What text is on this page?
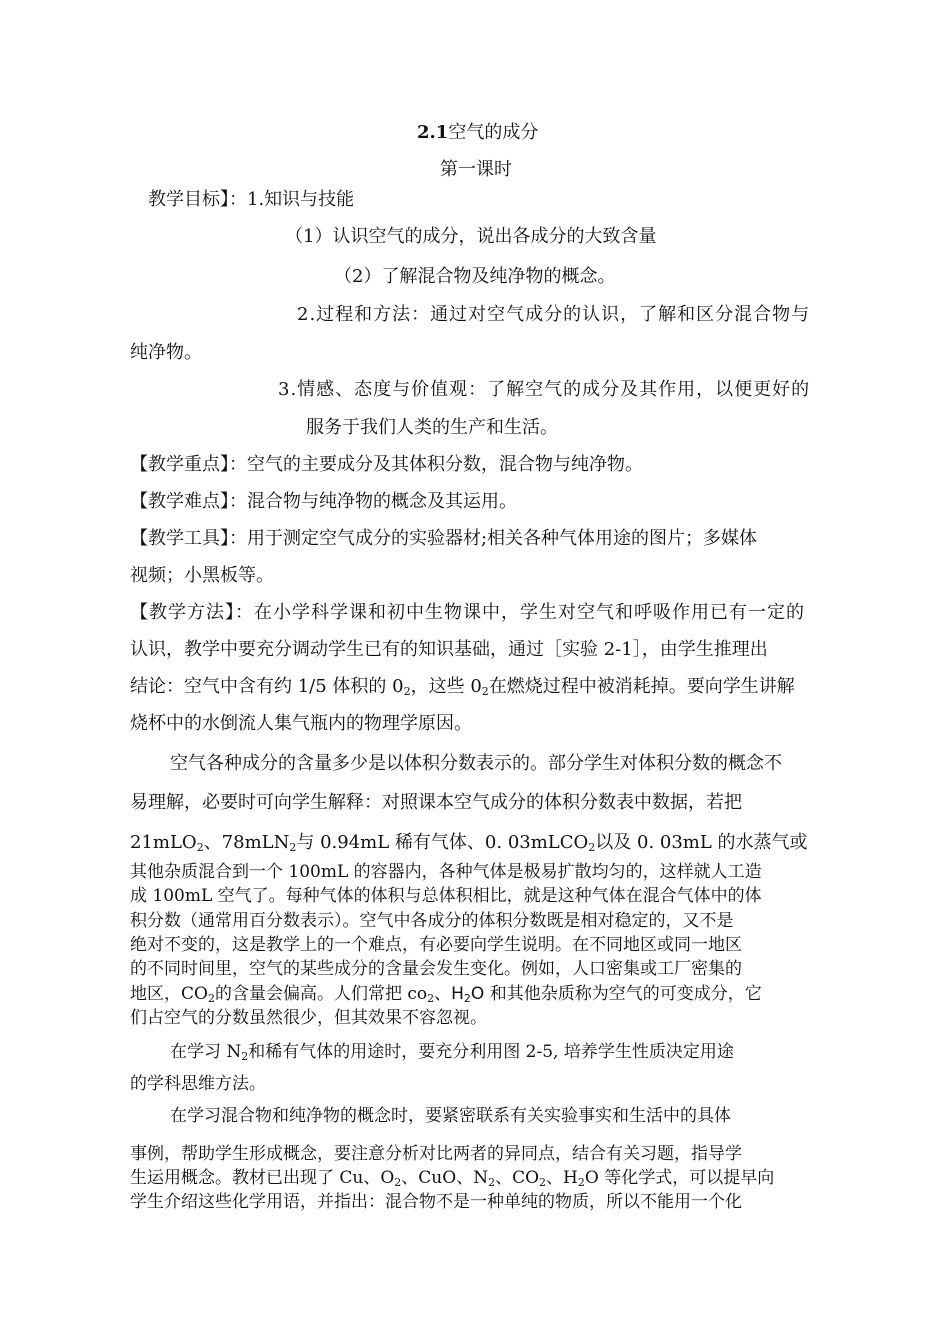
2.1空气的成分
第一课时
教学目标】：1.知识与技能
（1）认识空气的成分，说出各成分的大致含量
（2）了解混合物及纯净物的概念。
2.过程和方法：通过对空气成分的认识，了解和区分混合物与
纯净物。
3.情感、态度与价值观：了解空气的成分及其作用，以便更好的
服务于我们人类的生产和生活。
【教学重点】：空气的主要成分及其体积分数，混合物与纯净物。
【教学难点】：混合物与纯净物的概念及其运用。
【教学工具】：用于测定空气成分的实验器材;相关各种气体用途的图片；多媒体
视频；小黑板等。
【教学方法】：在小学科学课和初中生物课中，学生对空气和呼吸作用已有一定的
认识，教学中要充分调动学生已有的知识基础，通过［实验 2-1］，由学生推理出
结论：空气中含有约 1/5 体积的 $0_2$，这些 $0_2$在燃烧过程中被消耗掉。要向学生讲解
烧杯中的水倒流人集气瓶内的物理学原因。
空气各种成分的含量多少是以体积分数表示的。部分学生对体积分数的概念不
易理解，必要时可向学生解释：对照课本空气成分的体积分数表中数据，若把
21mLO$_2$、78mLN$_2$与 0.94mL 稀有气体、0. 03mLCO$_2$以及 0. 03mL 的水蒸气或
其他杂质混合到一个 100mL 的容器内，各种气体是极易扩散均匀的，这样就人工造
成 100mL 空气了。每种气体的体积与总体积相比，就是这种气体在混合气体中的体
积分数（通常用百分数表示）。空气中各成分的体积分数既是相对稳定的，又不是
绝对不变的，这是教学上的一个难点，有必要向学生说明。在不同地区或同一地区
的不同时间里，空气的某些成分的含量会发生变化。例如，人口密集或工厂密集的
地区，$CO_2$的含量会偏高。人们常把 $co_2$、$H_2O$ 和其他杂质称为空气的可变成分，它
们占空气的分数虽然很少，但其效果不容忽视。
在学习 $N_2$和稀有气体的用途时，要充分利用图 2-5, 培养学生性质决定用途
的学科思维方法。
在学习混合物和纯净物的概念时，要紧密联系有关实验事实和生活中的具体
事例，帮助学生形成概念，要注意分析对比两者的异同点，结合有关习题，指导学
生运用概念。教材已出现了 Cu、$O_2$、CuO、$N_2$、$CO_2$、$H_2O$ 等化学式，可以提早向
学生介绍这些化学用语，并指出：混合物不是一种单纯的物质，所以不能用一个化
